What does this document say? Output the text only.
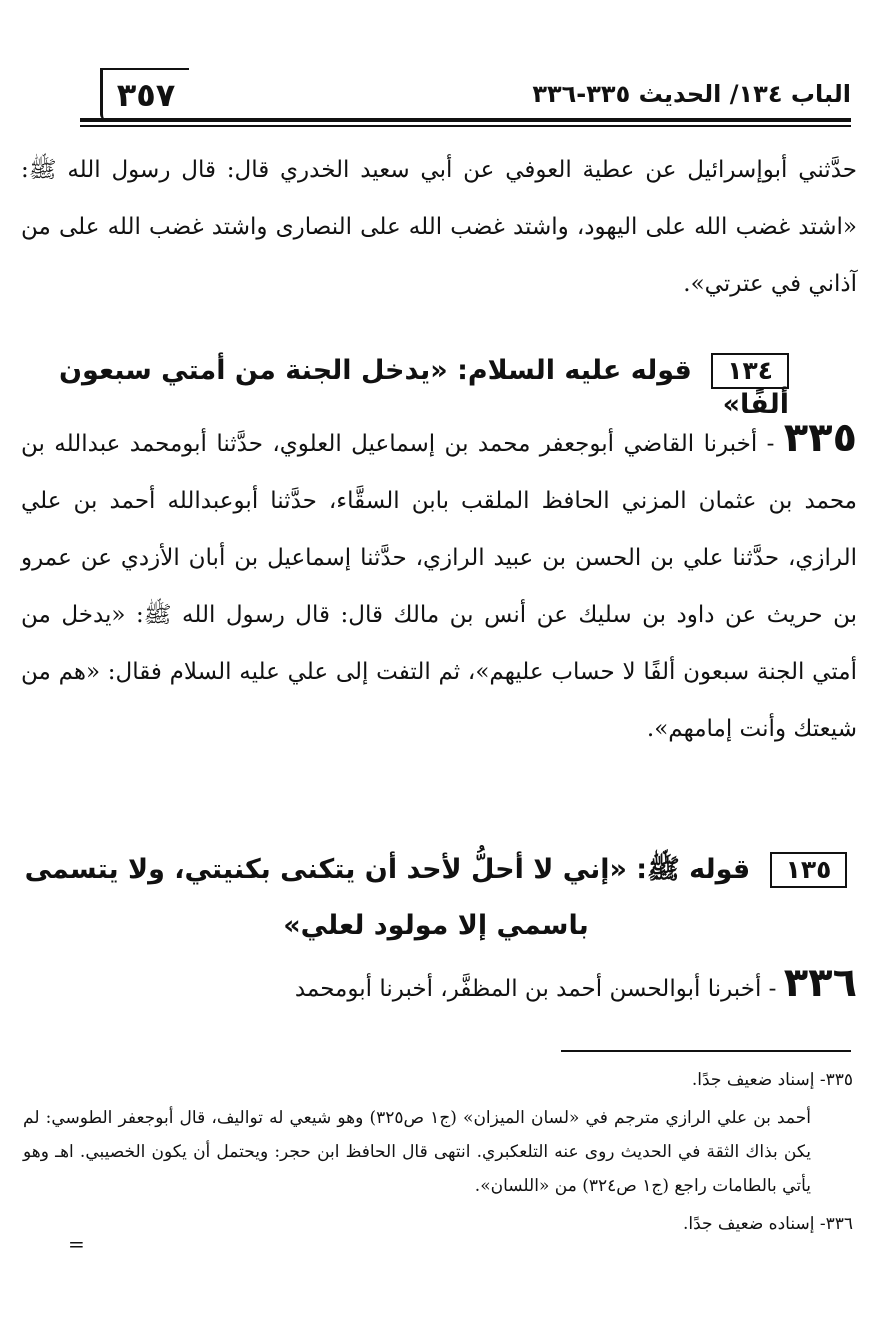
الباب ١٣٤/ الحديث ٣٣٥-٣٣٦
٣٥٧
حدَّثني أبوإسرائيل عن عطية العوفي عن أبي سعيد الخدري قال: قال رسول الله ﷺ: «اشتد غضب الله على اليهود، واشتد غضب الله على النصارى واشتد غضب الله على من آذاني في عترتي».
١٣٤ قوله عليه السلام: «يدخل الجنة من أمتي سبعون ألفًا»
٣٣٥ - أخبرنا القاضي أبوجعفر محمد بن إسماعيل العلوي، حدَّثنا أبومحمد عبدالله بن محمد بن عثمان المزني الحافظ الملقب بابن السقَّاء، حدَّثنا أبوعبدالله أحمد بن علي الرازي، حدَّثنا علي بن الحسن بن عبيد الرازي، حدَّثنا إسماعيل بن أبان الأزدي عن عمرو بن حريث عن داود بن سليك عن أنس بن مالك قال: قال رسول الله ﷺ: «يدخل من أمتي الجنة سبعون ألفًا لا حساب عليهم»، ثم التفت إلى علي عليه السلام فقال: «هم من شيعتك وأنت إمامهم».
١٣٥ قوله ﷺ: «إني لا أحلُّ لأحد أن يتكنى بكنيتي، ولا يتسمى باسمي إلا مولود لعلي»
٣٣٦ - أخبرنا أبوالحسن أحمد بن المظفَّر، أخبرنا أبومحمد

٣٣٥- إسناد ضعيف جدًا.

أحمد بن علي الرازي مترجم في «لسان الميزان» (ج١ ص٣٢٥) وهو شيعي له تواليف، قال أبوجعفر الطوسي: لم يكن بذاك الثقة في الحديث روى عنه التلعكبري. انتهى قال الحافظ ابن حجر: ويحتمل أن يكون الخصيبي. اهـ وهو يأتي بالطامات راجع (ج١ ص٣٢٤) من «اللسان».

٣٣٦- إسناده ضعيف جدًا.

=
